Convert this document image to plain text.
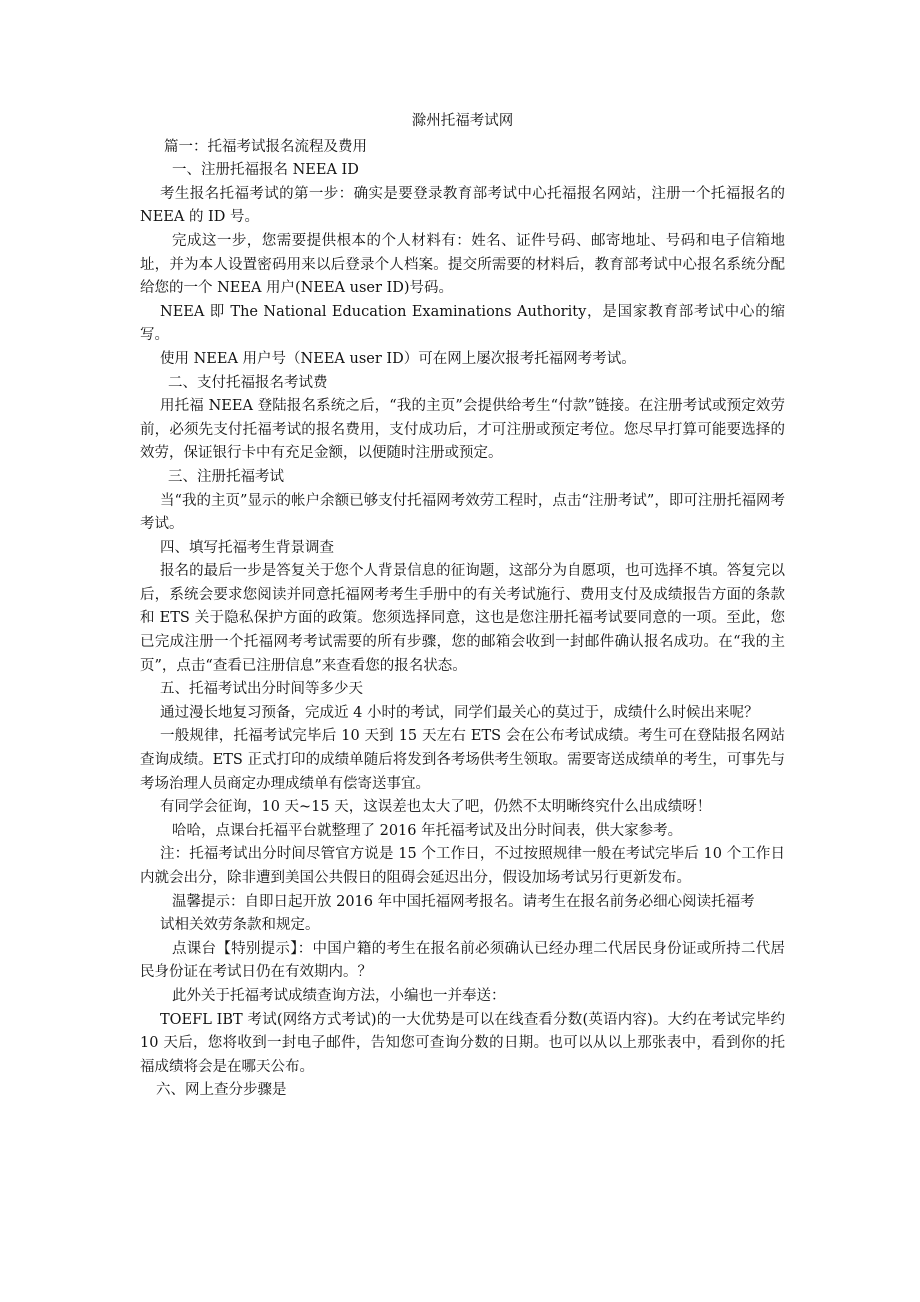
滁州托福考试网

篇一：托福考试报名流程及费用

一、注册托福报名 NEEA ID

考生报名托福考试的第一步：确实是要登录教育部考试中心托福报名网站，注册一个托福报名的 NEEA 的 ID 号。

完成这一步，您需要提供根本的个人材料有：姓名、证件号码、邮寄地址、号码和电子信箱地址，并为本人设置密码用来以后登录个人档案。提交所需要的材料后，教育部考试中心报名系统分配给您的一个 NEEA 用户(NEEA user ID)号码。

NEEA 即 The National Education Examinations Authority，是国家教育部考试中心的缩写。

使用 NEEA 用户号（NEEA user ID）可在网上屡次报考托福网考考试。

二、支付托福报名考试费

用托福 NEEA 登陆报名系统之后，“我的主页”会提供给考生“付款”链接。在注册考试或预定效劳前，必须先支付托福考试的报名费用，支付成功后，才可注册或预定考位。您尽早打算可能要选择的效劳，保证银行卡中有充足金额，以便随时注册或预定。

三、注册托福考试

当“我的主页”显示的帐户余额已够支付托福网考效劳工程时，点击“注册考试”，即可注册托福网考考试。

四、填写托福考生背景调查

报名的最后一步是答复关于您个人背景信息的征询题，这部分为自愿项，也可选择不填。答复完以后，系统会要求您阅读并同意托福网考考生手册中的有关考试施行、费用支付及成绩报告方面的条款和 ETS 关于隐私保护方面的政策。您须选择同意，这也是您注册托福考试要同意的一项。至此，您已完成注册一个托福网考考试需要的所有步骤，您的邮箱会收到一封邮件确认报名成功。在“我的主页”，点击“查看已注册信息”来查看您的报名状态。

五、托福考试出分时间等多少天

通过漫长地复习预备，完成近 4 小时的考试，同学们最关心的莫过于，成绩什么时候出来呢？

一般规律，托福考试完毕后 10 天到 15 天左右 ETS 会在公布考试成绩。考生可在登陆报名网站查询成绩。ETS 正式打印的成绩单随后将发到各考场供考生领取。需要寄送成绩单的考生，可事先与考场治理人员商定办理成绩单有偿寄送事宜。

有同学会征询，10 天~15 天，这误差也太大了吧，仍然不太明晰终究什么出成绩呀！

哈哈，点课台托福平台就整理了 2016 年托福考试及出分时间表，供大家参考。

注：托福考试出分时间尽管官方说是 15 个工作日，不过按照规律一般在考试完毕后 10 个工作日内就会出分，除非遭到美国公共假日的阻碍会延迟出分，假设加场考试另行更新发布。

温馨提示：自即日起开放 2016 年中国托福网考报名。请考生在报名前务必细心阅读托福考

试相关效劳条款和规定。

点课台【特别提示】：中国户籍的考生在报名前必须确认已经办理二代居民身份证或所持二代居民身份证在考试日仍在有效期内。？

此外关于托福考试成绩查询方法，小编也一并奉送：

TOEFL IBT 考试(网络方式考试)的一大优势是可以在线查看分数(英语内容)。大约在考试完毕约 10 天后，您将收到一封电子邮件，告知您可查询分数的日期。也可以从以上那张表中，看到你的托福成绩将会是在哪天公布。

六、网上查分步骤是
